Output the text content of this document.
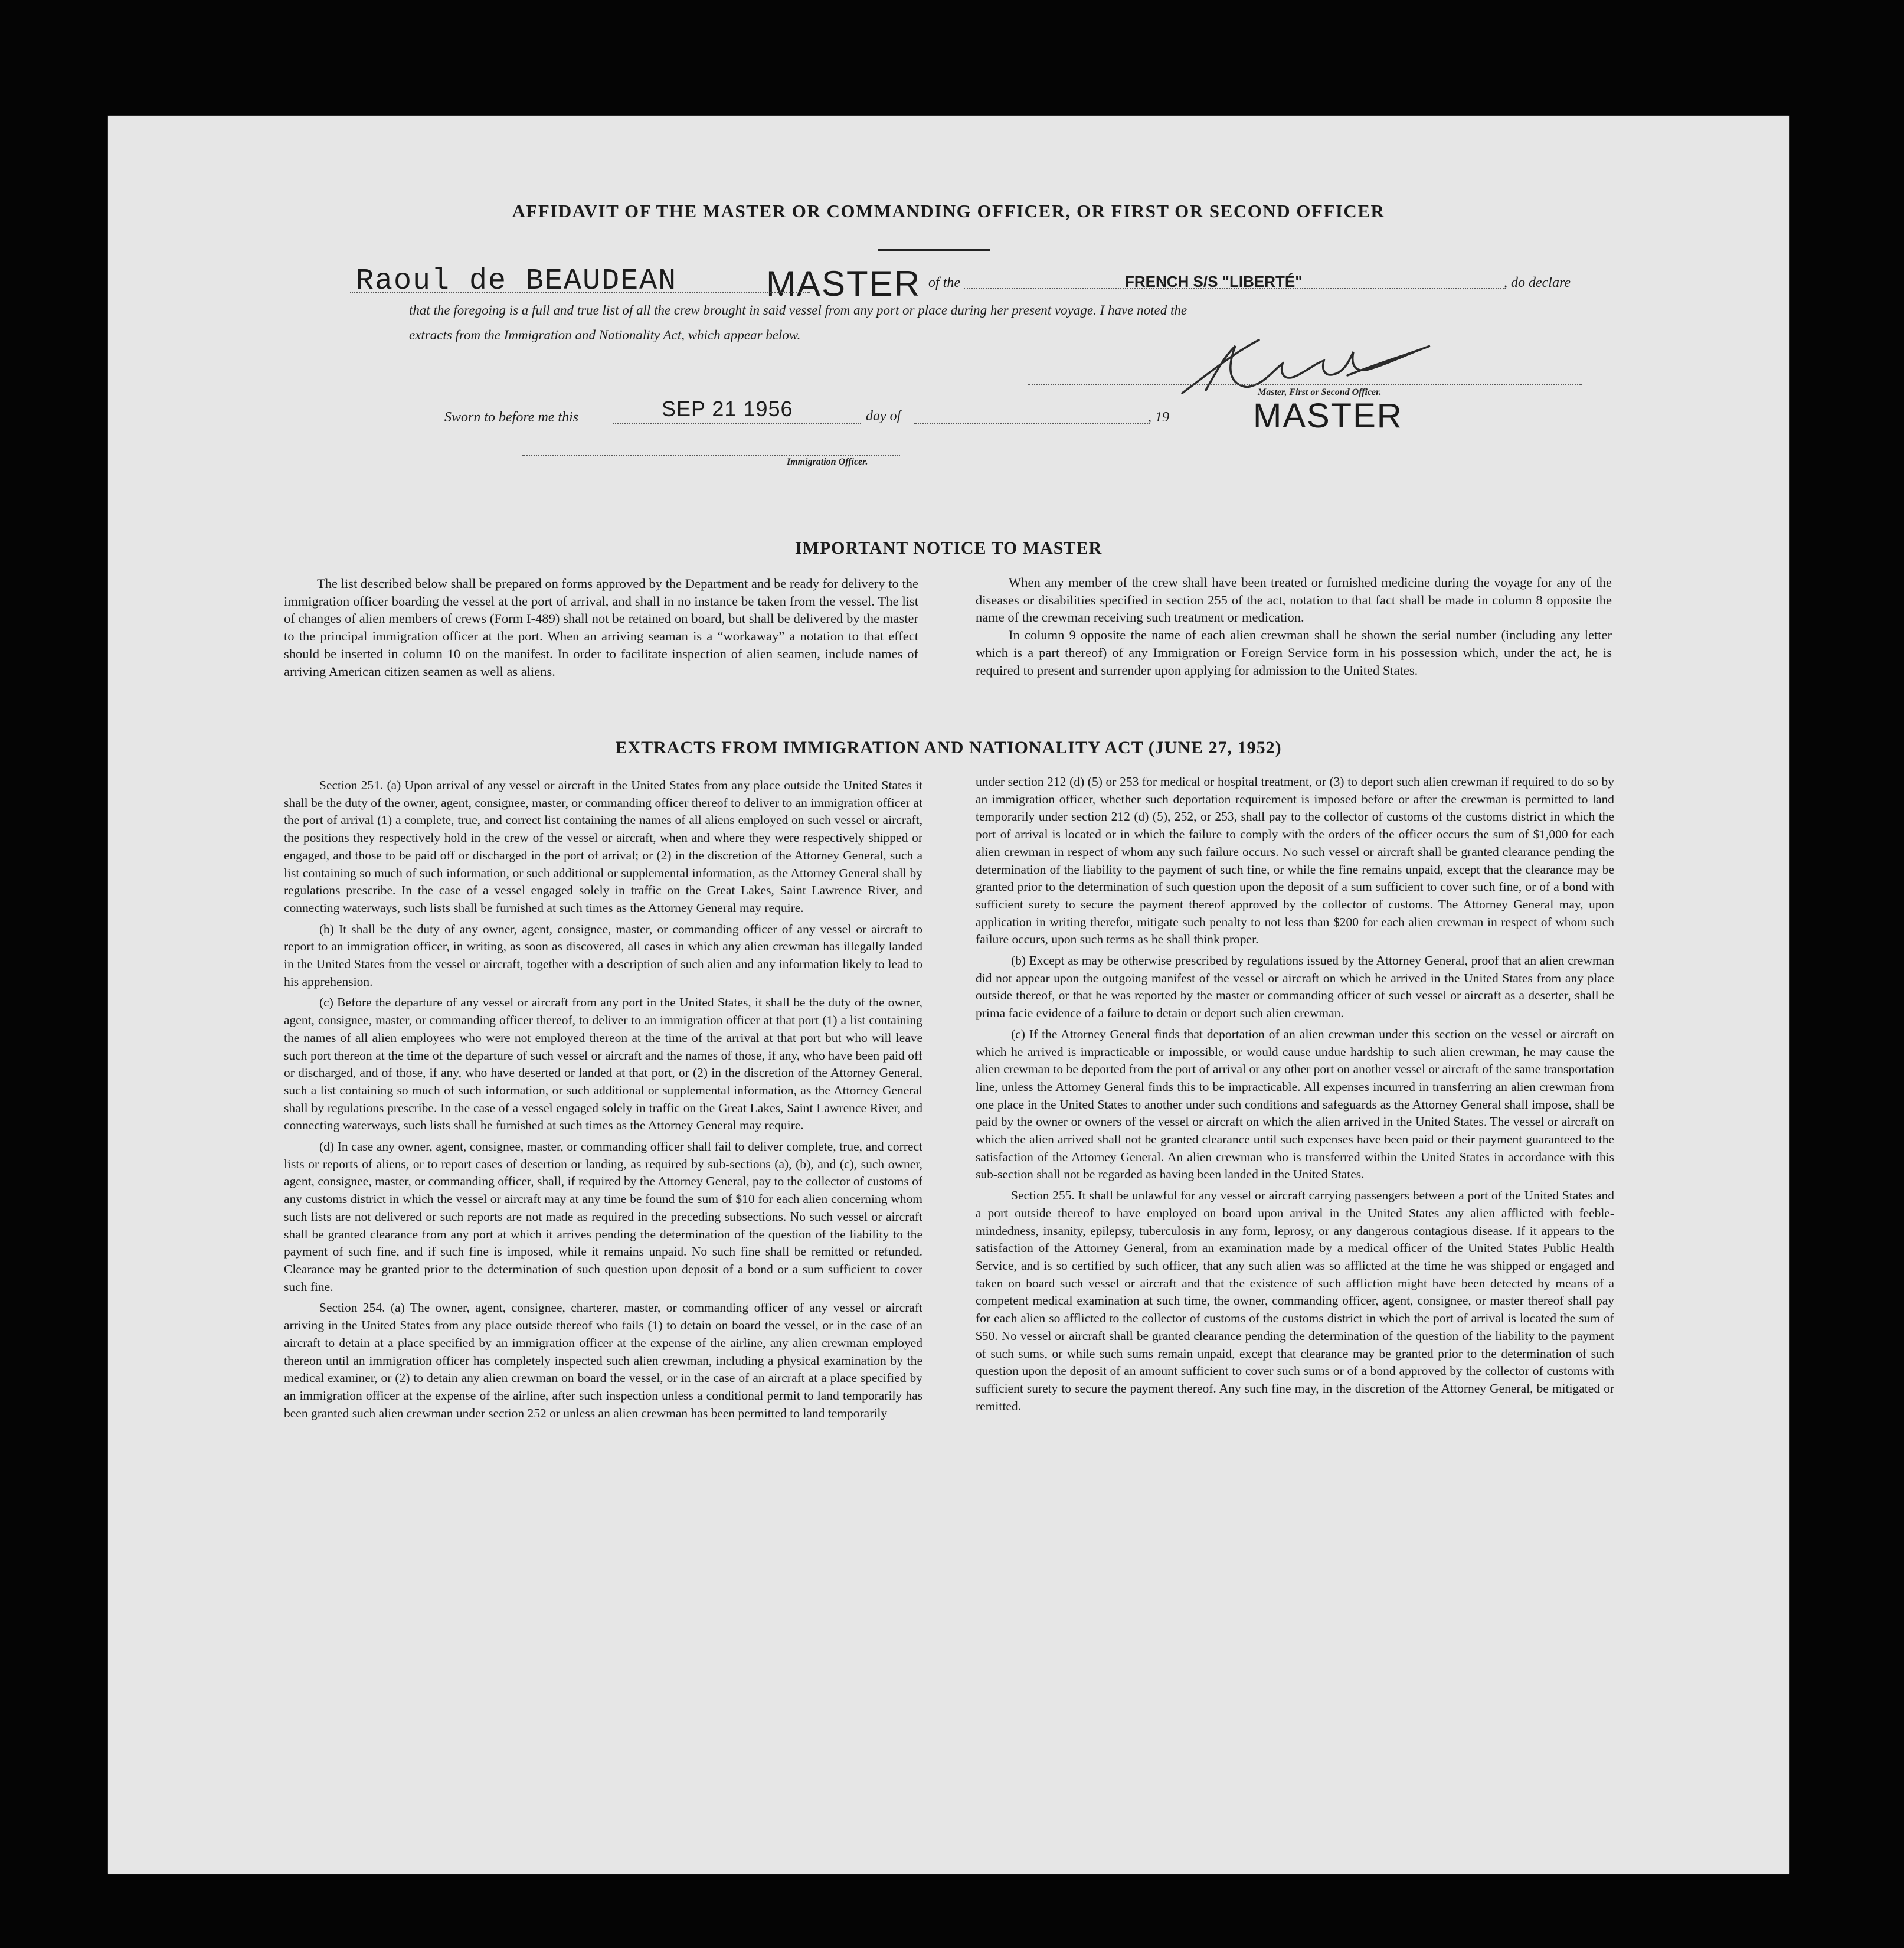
AFFIDAVIT OF THE MASTER OR COMMANDING OFFICER, OR FIRST OR SECOND OFFICER
Raoul de BEAUDEAN	MASTER of the	FRENCH S/S "LIBERTÉ"	, do declare
that the foregoing is a full and true list of all the crew brought in said vessel from any port or place during her present voyage. I have noted the
extracts from the Immigration and Nationality Act, which appear below.
Master, First or Second Officer.
MASTER
Sworn to before me this	SEP 21 1956	day of	, 19
Immigration Officer.
IMPORTANT NOTICE TO MASTER

The list described below shall be prepared on forms approved by the Department and be ready for delivery to the immigration officer boarding the vessel at the port of arrival, and shall in no instance be taken from the vessel. The list of changes of alien members of crews (Form I-489) shall not be retained on board, but shall be delivered by the master to the principal immigration officer at the port. When an arriving seaman is a “workaway” a notation to that effect should be inserted in column 10 on the manifest. In order to facilitate inspection of alien seamen, include names of arriving American citizen seamen as well as aliens.

When any member of the crew shall have been treated or furnished medicine during the voyage for any of the diseases or disabilities specified in section 255 of the act, notation to that fact shall be made in column 8 opposite the name of the crewman receiving such treatment or medication.

In column 9 opposite the name of each alien crewman shall be shown the serial number (including any letter which is a part thereof) of any Immigration or Foreign Service form in his possession which, under the act, he is required to present and surrender upon applying for admission to the United States.

EXTRACTS FROM IMMIGRATION AND NATIONALITY ACT (JUNE 27, 1952)

Section 251. (a) Upon arrival of any vessel or aircraft in the United States from any place outside the United States it shall be the duty of the owner, agent, consignee, master, or commanding officer thereof to deliver to an immigration officer at the port of arrival (1) a complete, true, and correct list containing the names of all aliens employed on such vessel or aircraft, the positions they respectively hold in the crew of the vessel or aircraft, when and where they were respectively shipped or engaged, and those to be paid off or discharged in the port of arrival; or (2) in the discretion of the Attorney General, such a list containing so much of such information, or such additional or supplemental information, as the Attorney General shall by regulations prescribe. In the case of a vessel engaged solely in traffic on the Great Lakes, Saint Lawrence River, and connecting waterways, such lists shall be furnished at such times as the Attorney General may require.

(b) It shall be the duty of any owner, agent, consignee, master, or commanding officer of any vessel or aircraft to report to an immigration officer, in writing, as soon as discovered, all cases in which any alien crewman has illegally landed in the United States from the vessel or aircraft, together with a description of such alien and any information likely to lead to his apprehension.

(c) Before the departure of any vessel or aircraft from any port in the United States, it shall be the duty of the owner, agent, consignee, master, or commanding officer thereof, to deliver to an immigration officer at that port (1) a list containing the names of all alien employees who were not employed thereon at the time of the arrival at that port but who will leave such port thereon at the time of the departure of such vessel or aircraft and the names of those, if any, who have been paid off or discharged, and of those, if any, who have deserted or landed at that port, or (2) in the discretion of the Attorney General, such a list containing so much of such information, or such additional or supplemental information, as the Attorney General shall by regulations prescribe. In the case of a vessel engaged solely in traffic on the Great Lakes, Saint Lawrence River, and connecting waterways, such lists shall be furnished at such times as the Attorney General may require.

(d) In case any owner, agent, consignee, master, or commanding officer shall fail to deliver complete, true, and correct lists or reports of aliens, or to report cases of desertion or landing, as required by sub-sections (a), (b), and (c), such owner, agent, consignee, master, or commanding officer, shall, if required by the Attorney General, pay to the collector of customs of any customs district in which the vessel or aircraft may at any time be found the sum of $10 for each alien concerning whom such lists are not delivered or such reports are not made as required in the preceding subsections. No such vessel or aircraft shall be granted clearance from any port at which it arrives pending the determination of the question of the liability to the payment of such fine, and if such fine is imposed, while it remains unpaid. No such fine shall be remitted or refunded. Clearance may be granted prior to the determination of such question upon deposit of a bond or a sum sufficient to cover such fine.

Section 254. (a) The owner, agent, consignee, charterer, master, or commanding officer of any vessel or aircraft arriving in the United States from any place outside thereof who fails (1) to detain on board the vessel, or in the case of an aircraft to detain at a place specified by an immigration officer at the expense of the airline, any alien crewman employed thereon until an immigration officer has completely inspected such alien crewman, including a physical examination by the medical examiner, or (2) to detain any alien crewman on board the vessel, or in the case of an aircraft at a place specified by an immigration officer at the expense of the airline, after such inspection unless a conditional permit to land temporarily has been granted such alien crewman under section 252 or unless an alien crewman has been permitted to land temporarily

under section 212 (d) (5) or 253 for medical or hospital treatment, or (3) to deport such alien crewman if required to do so by an immigration officer, whether such deportation requirement is imposed before or after the crewman is permitted to land temporarily under section 212 (d) (5), 252, or 253, shall pay to the collector of customs of the customs district in which the port of arrival is located or in which the failure to comply with the orders of the officer occurs the sum of $1,000 for each alien crewman in respect of whom any such failure occurs. No such vessel or aircraft shall be granted clearance pending the determination of the liability to the payment of such fine, or while the fine remains unpaid, except that the clearance may be granted prior to the determination of such question upon the deposit of a sum sufficient to cover such fine, or of a bond with sufficient surety to secure the payment thereof approved by the collector of customs. The Attorney General may, upon application in writing therefor, mitigate such penalty to not less than $200 for each alien crewman in respect of whom such failure occurs, upon such terms as he shall think proper.

(b) Except as may be otherwise prescribed by regulations issued by the Attorney General, proof that an alien crewman did not appear upon the outgoing manifest of the vessel or aircraft on which he arrived in the United States from any place outside thereof, or that he was reported by the master or commanding officer of such vessel or aircraft as a deserter, shall be prima facie evidence of a failure to detain or deport such alien crewman.

(c) If the Attorney General finds that deportation of an alien crewman under this section on the vessel or aircraft on which he arrived is impracticable or impossible, or would cause undue hardship to such alien crewman, he may cause the alien crewman to be deported from the port of arrival or any other port on another vessel or aircraft of the same transportation line, unless the Attorney General finds this to be impracticable. All expenses incurred in transferring an alien crewman from one place in the United States to another under such conditions and safeguards as the Attorney General shall impose, shall be paid by the owner or owners of the vessel or aircraft on which the alien arrived in the United States. The vessel or aircraft on which the alien arrived shall not be granted clearance until such expenses have been paid or their payment guaranteed to the satisfaction of the Attorney General. An alien crewman who is transferred within the United States in accordance with this sub-section shall not be regarded as having been landed in the United States.

Section 255. It shall be unlawful for any vessel or aircraft carrying passengers between a port of the United States and a port outside thereof to have employed on board upon arrival in the United States any alien afflicted with feeble-mindedness, insanity, epilepsy, tuberculosis in any form, leprosy, or any dangerous contagious disease. If it appears to the satisfaction of the Attorney General, from an examination made by a medical officer of the United States Public Health Service, and is so certified by such officer, that any such alien was so afflicted at the time he was shipped or engaged and taken on board such vessel or aircraft and that the existence of such affliction might have been detected by means of a competent medical examination at such time, the owner, commanding officer, agent, consignee, or master thereof shall pay for each alien so afflicted to the collector of customs of the customs district in which the port of arrival is located the sum of $50. No vessel or aircraft shall be granted clearance pending the determination of the question of the liability to the payment of such sums, or while such sums remain unpaid, except that clearance may be granted prior to the determination of such question upon the deposit of an amount sufficient to cover such sums or of a bond approved by the collector of customs with sufficient surety to secure the payment thereof. Any such fine may, in the discretion of the Attorney General, be mitigated or remitted.
